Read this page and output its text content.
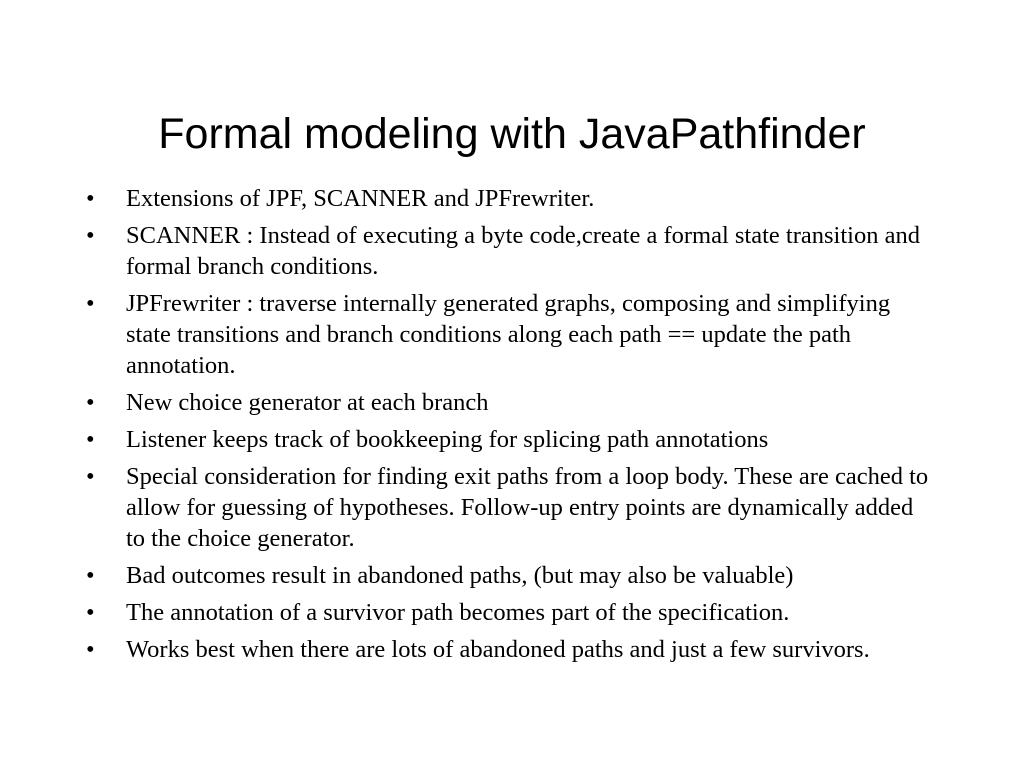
Formal modeling with JavaPathfinder
•	Extensions of JPF, SCANNER and JPFrewriter.
•	SCANNER : Instead of executing a byte code,create a formal state transition and formal branch conditions.
•	JPFrewriter : traverse internally generated graphs, composing and simplifying state transitions and branch conditions along each path == update the path annotation.
•	New choice generator at each branch
•	Listener keeps track of bookkeeping for splicing path annotations
•	Special consideration for finding exit paths from a loop body. These are cached to allow for guessing of hypotheses. Follow-up entry points are dynamically added to the choice generator.
•	Bad outcomes result in abandoned paths, (but may also be valuable)
•	The annotation of a survivor path becomes part of the specification.
•	Works best when there are lots of abandoned paths and just a few survivors.
